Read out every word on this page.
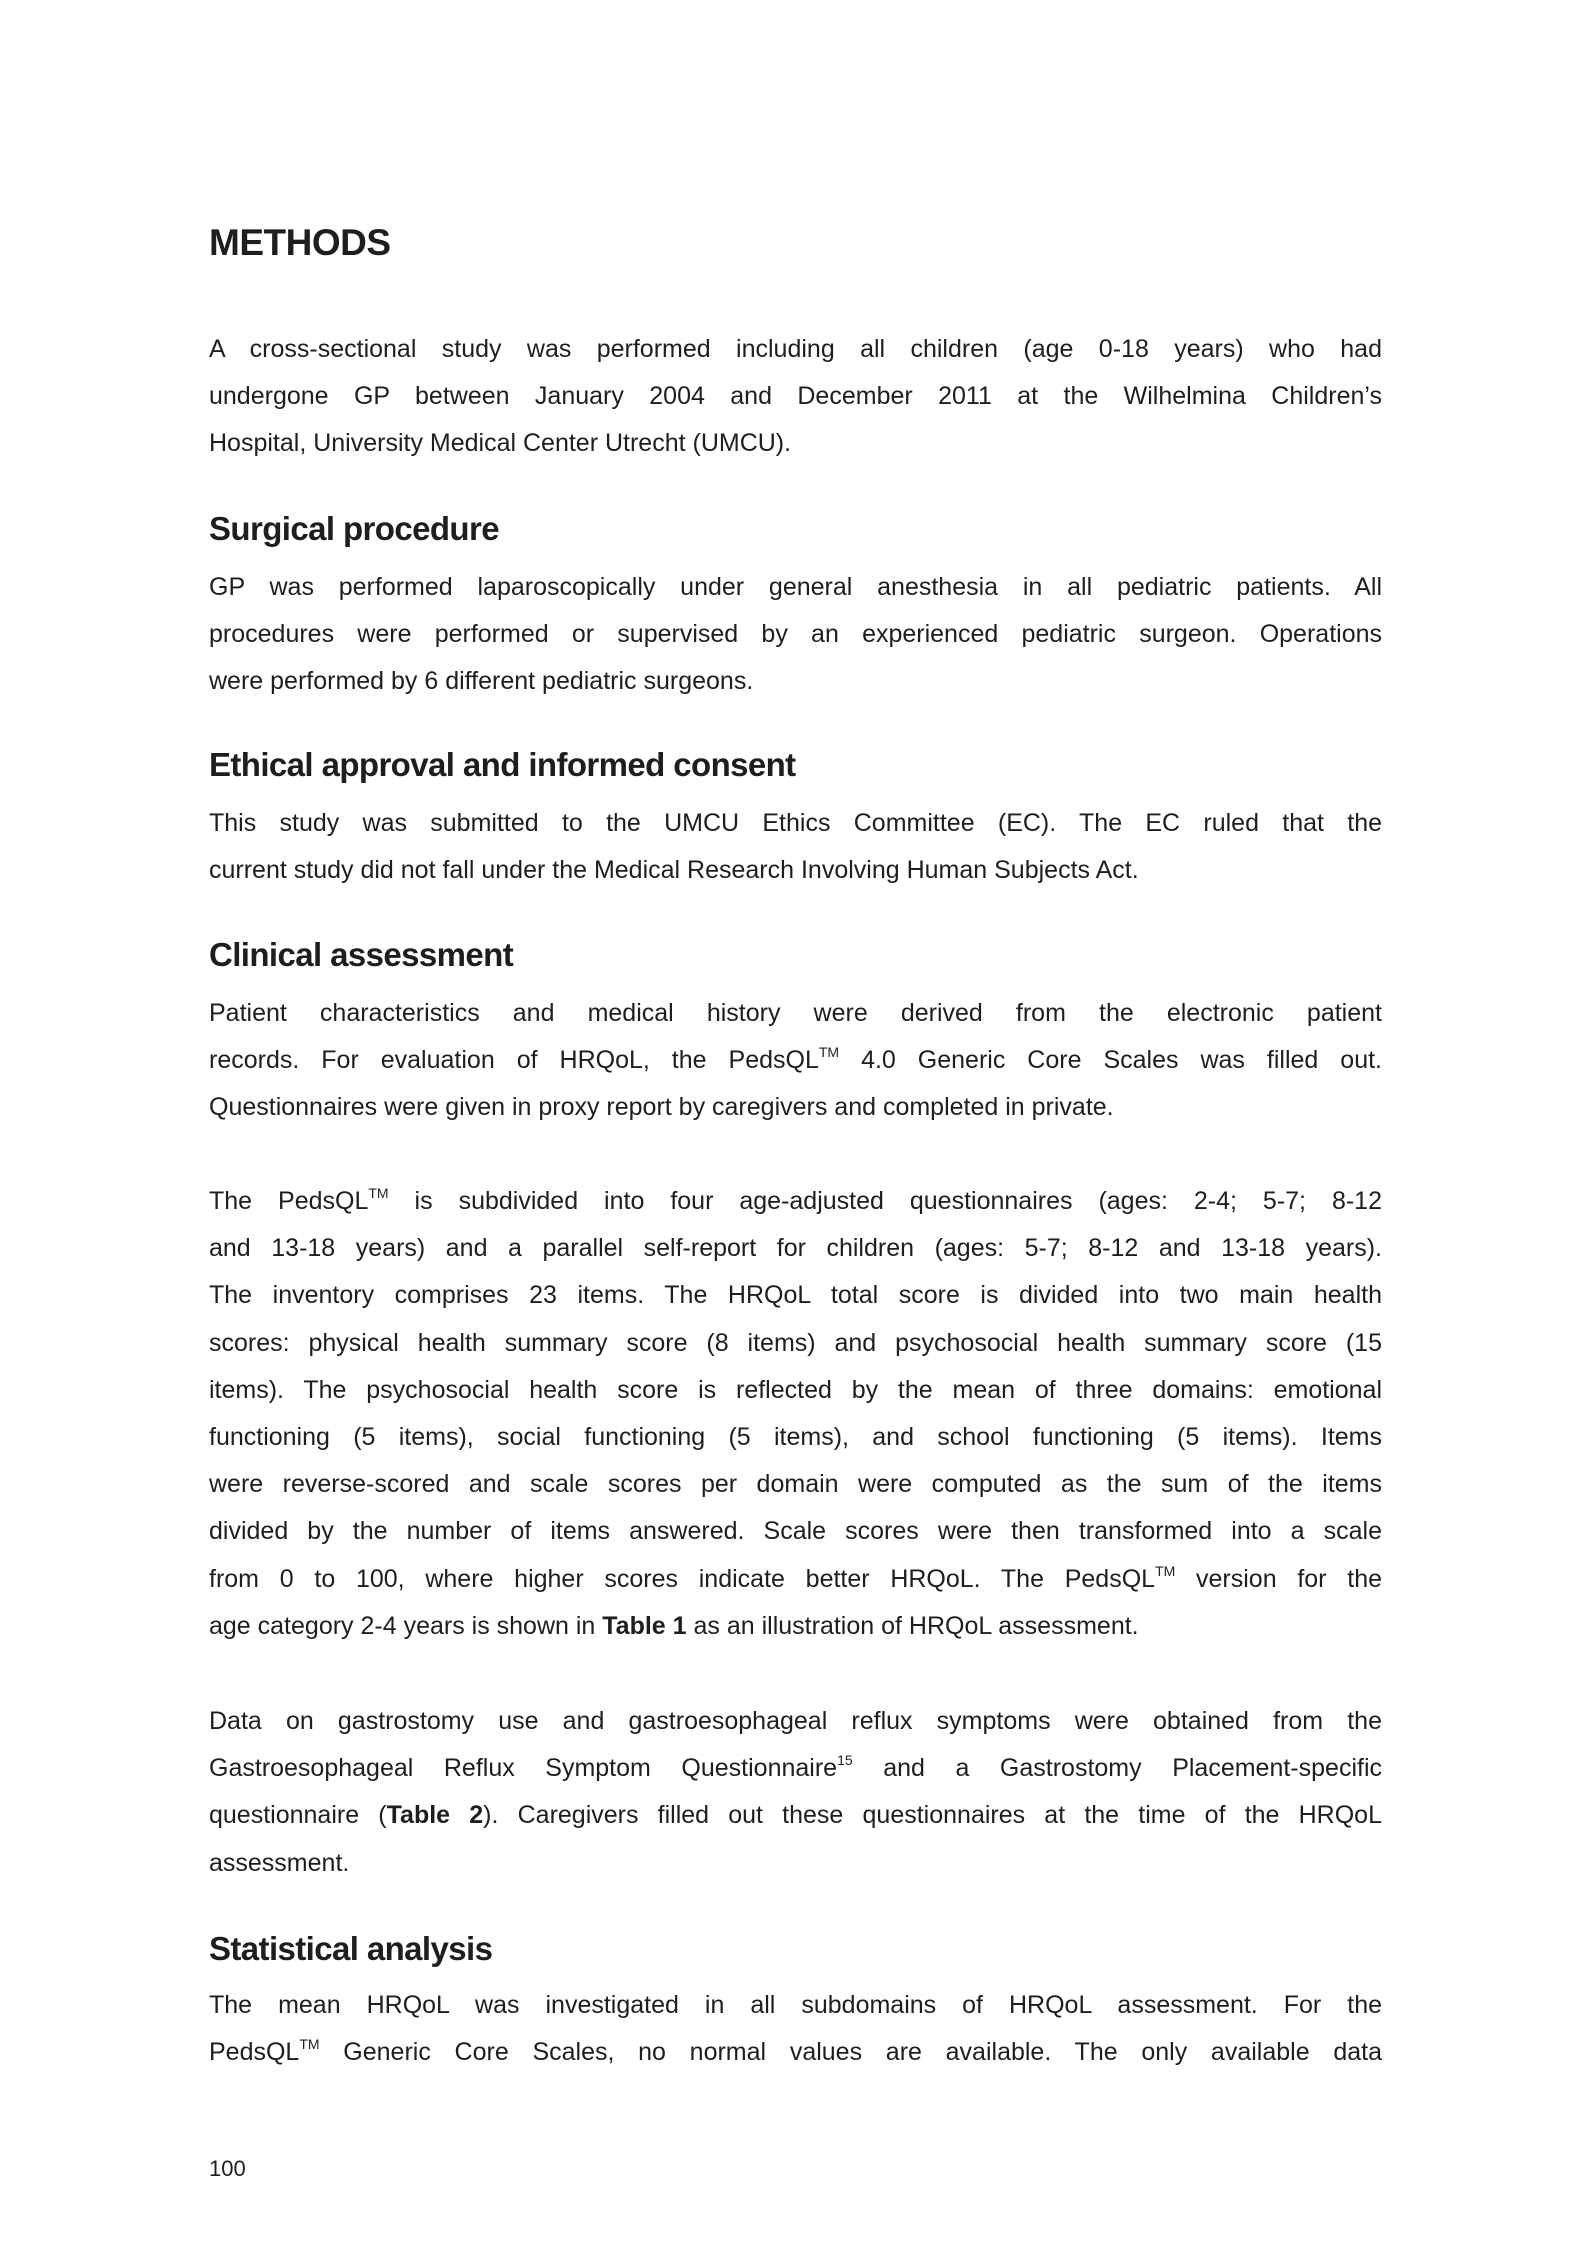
METHODS
A cross-sectional study was performed including all children (age 0-18 years) who had
undergone GP between January 2004 and December 2011 at the Wilhelmina Children’s
Hospital, University Medical Center Utrecht (UMCU).
Surgical procedure
GP was performed laparoscopically under general anesthesia in all pediatric patients. All
procedures were performed or supervised by an experienced pediatric surgeon. Operations
were performed by 6 different pediatric surgeons.
Ethical approval and informed consent
This study was submitted to the UMCU Ethics Committee (EC). The EC ruled that the
current study did not fall under the Medical Research Involving Human Subjects Act.
Clinical assessment
Patient characteristics and medical history were derived from the electronic patient
records. For evaluation of HRQoL, the PedsQL™ 4.0 Generic Core Scales was filled out.
Questionnaires were given in proxy report by caregivers and completed in private.
The PedsQL™ is subdivided into four age-adjusted questionnaires (ages: 2-4; 5-7; 8-12
and 13-18 years) and a parallel self-report for children (ages: 5-7; 8-12 and 13-18 years).
The inventory comprises 23 items. The HRQoL total score is divided into two main health
scores: physical health summary score (8 items) and psychosocial health summary score (15
items). The psychosocial health score is reflected by the mean of three domains: emotional
functioning (5 items), social functioning (5 items), and school functioning (5 items). Items
were reverse-scored and scale scores per domain were computed as the sum of the items
divided by the number of items answered. Scale scores were then transformed into a scale
from 0 to 100, where higher scores indicate better HRQoL. The PedsQL™ version for the
age category 2-4 years is shown in Table 1 as an illustration of HRQoL assessment.
Data on gastrostomy use and gastroesophageal reflux symptoms were obtained from the
Gastroesophageal Reflux Symptom Questionnaire$^{15}$ and a Gastrostomy Placement-specific
questionnaire (Table 2). Caregivers filled out these questionnaires at the time of the HRQoL
assessment.
Statistical analysis
The mean HRQoL was investigated in all subdomains of HRQoL assessment. For the
PedsQL™ Generic Core Scales, no normal values are available. The only available data
100
